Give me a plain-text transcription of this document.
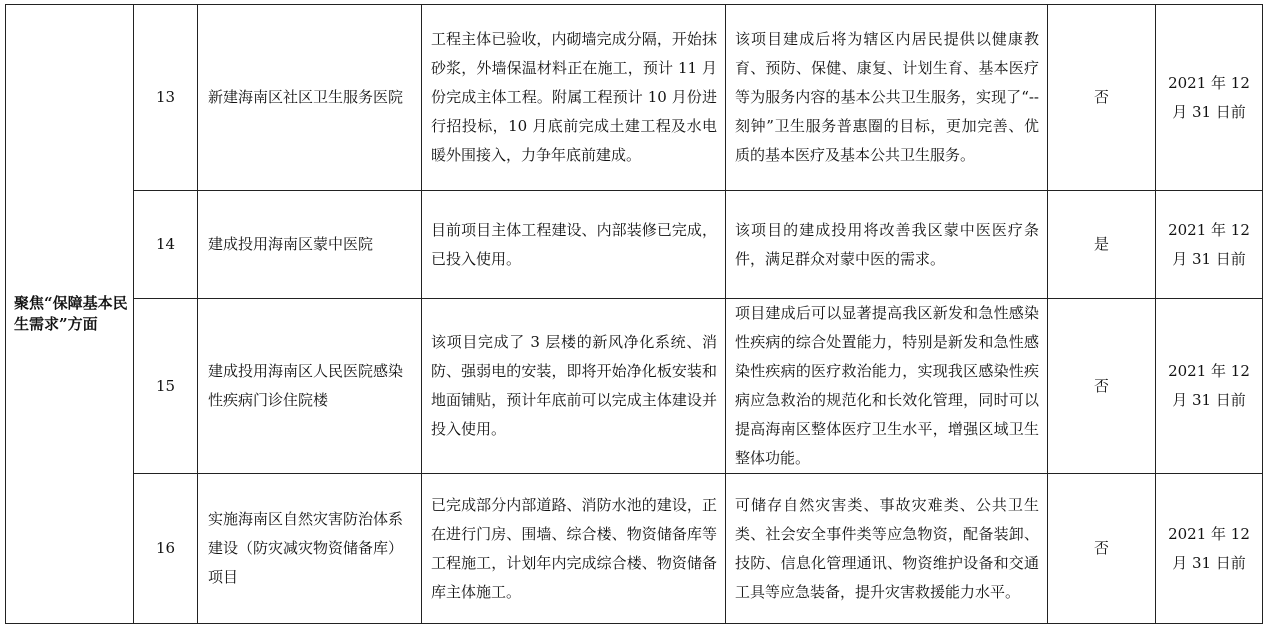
聚焦“保障基本民生需求”方面	13	新建海南区社区卫生服务医院	工程主体已验收，内砌墙完成分隔，开始抹砂浆，外墙保温材料正在施工，预计 11 月份完成主体工程。附属工程预计 10 月份进行招投标，10 月底前完成土建工程及水电暖外围接入，力争年底前建成。	该项目建成后将为辖区内居民提供以健康教育、预防、保健、康复、计划生育、基本医疗等为服务内容的基本公共卫生服务，实现了“--刻钟”卫生服务普惠圈的目标，更加完善、优质的基本医疗及基本公共卫生服务。	否	2021 年 12 月 31 日前
	14	建成投用海南区蒙中医院	目前项目主体工程建设、内部装修已完成，已投入使用。	该项目的建成投用将改善我区蒙中医医疗条件，满足群众对蒙中医的需求。	是	2021 年 12 月 31 日前
	15	建成投用海南区人民医院感染性疾病门诊住院楼	该项目完成了 3 层楼的新风净化系统、消防、强弱电的安装，即将开始净化板安装和地面铺贴，预计年底前可以完成主体建设并投入使用。	项目建成后可以显著提高我区新发和急性感染性疾病的综合处置能力，特别是新发和急性感染性疾病的医疗救治能力，实现我区感染性疾病应急救治的规范化和长效化管理，同时可以提高海南区整体医疗卫生水平，增强区域卫生整体功能。	否	2021 年 12 月 31 日前
	16	实施海南区自然灾害防治体系建设（防灾减灾物资储备库）项目	已完成部分内部道路、消防水池的建设，正在进行门房、围墙、综合楼、物资储备库等工程施工，计划年内完成综合楼、物资储备库主体施工。	可储存自然灾害类、事故灾难类、公共卫生类、社会安全事件类等应急物资，配备装卸、技防、信息化管理通讯、物资维护设备和交通工具等应急装备，提升灾害救援能力水平。	否	2021 年 12 月 31 日前
